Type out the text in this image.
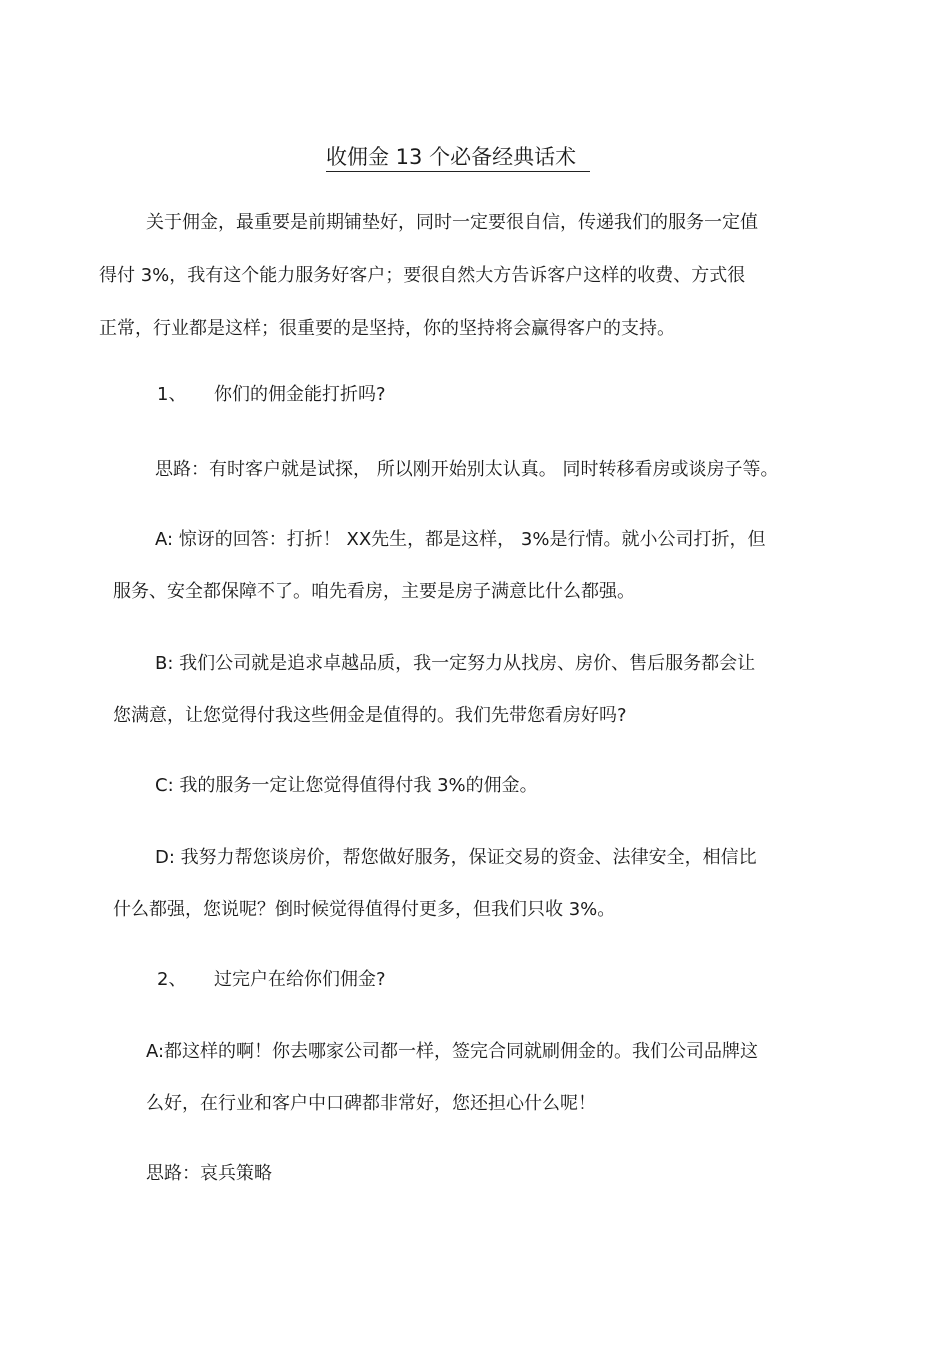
收佣金 13 个必备经典话术
关于佣金，最重要是前期铺垫好，同时一定要很自信，传递我们的服务一定值
得付 3%，我有这个能力服务好客户；要很自然大方告诉客户这样的收费、方式很
正常，行业都是这样；很重要的是坚持，你的坚持将会赢得客户的支持。
1、 你们的佣金能打折吗?
思路：有时客户就是试探， 所以刚开始别太认真。 同时转移看房或谈房子等。
A: 惊讶的回答：打折！ XX先生，都是这样， 3%是行情。就小公司打折，但
服务、安全都保障不了。咱先看房，主要是房子满意比什么都强。
B: 我们公司就是追求卓越品质，我一定努力从找房、房价、售后服务都会让
您满意，让您觉得付我这些佣金是值得的。我们先带您看房好吗?
C: 我的服务一定让您觉得值得付我 3%的佣金。
D: 我努力帮您谈房价，帮您做好服务，保证交易的资金、法律安全，相信比
什么都强，您说呢？倒时候觉得值得付更多，但我们只收 3%。
2、 过完户在给你们佣金?
A:都这样的啊！你去哪家公司都一样，签完合同就刷佣金的。我们公司品牌这
么好，在行业和客户中口碑都非常好，您还担心什么呢！
思路：哀兵策略
